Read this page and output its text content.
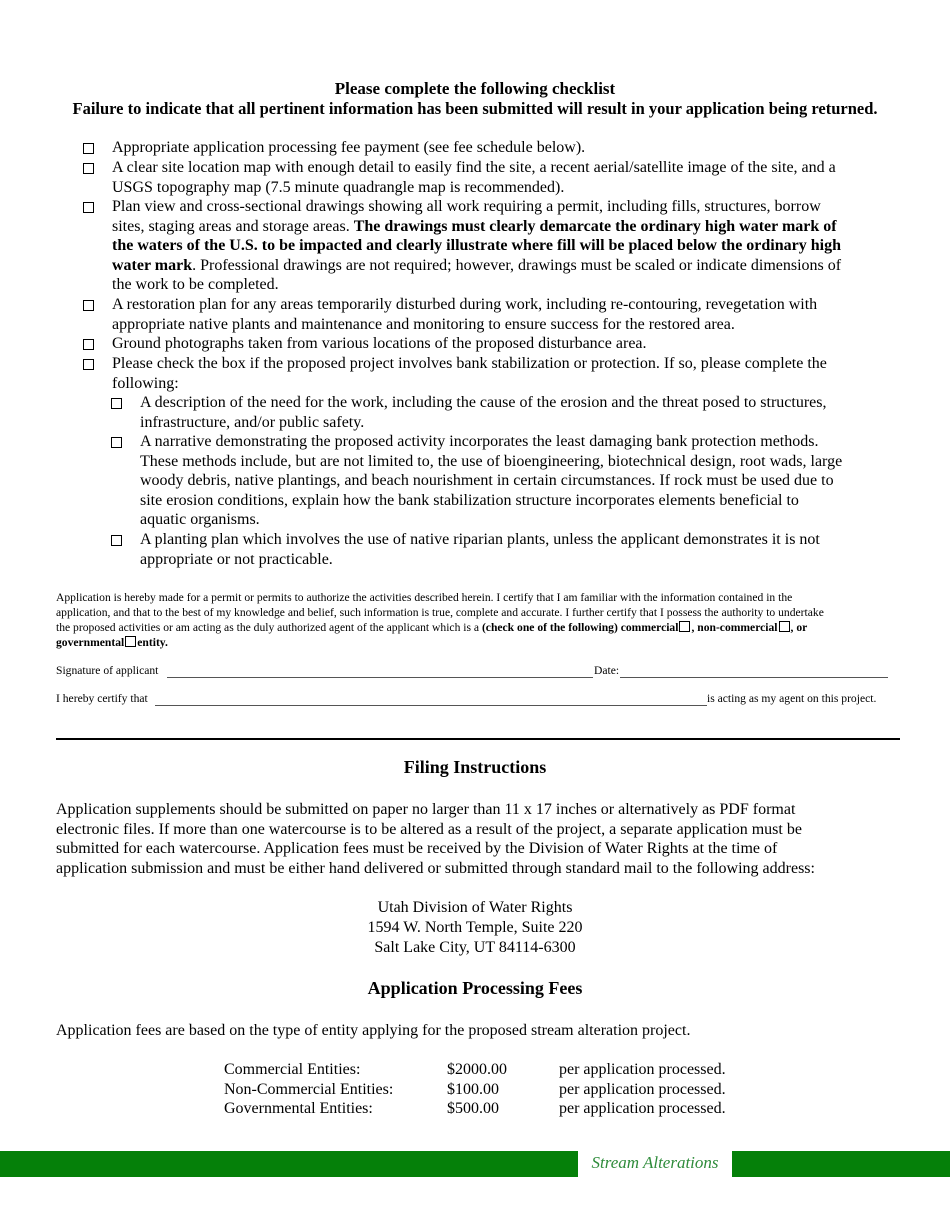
Please complete the following checklist
Failure to indicate that all pertinent information has been submitted will result in your application being returned.
Appropriate application processing fee payment (see fee schedule below).
A clear site location map with enough detail to easily find the site, a recent aerial/satellite image of the site, and a
USGS topography map (7.5 minute quadrangle map is recommended).
Plan view and cross-sectional drawings showing all work requiring a permit, including fills, structures, borrow
sites, staging areas and storage areas. The drawings must clearly demarcate the ordinary high water mark of
the waters of the U.S. to be impacted and clearly illustrate where fill will be placed below the ordinary high
water mark. Professional drawings are not required; however, drawings must be scaled or indicate dimensions of
the work to be completed.
A restoration plan for any areas temporarily disturbed during work, including re-contouring, revegetation with
appropriate native plants and maintenance and monitoring to ensure success for the restored area.
Ground photographs taken from various locations of the proposed disturbance area.
Please check the box if the proposed project involves bank stabilization or protection. If so, please complete the
following:
A description of the need for the work, including the cause of the erosion and the threat posed to structures,
infrastructure, and/or public safety.
A narrative demonstrating the proposed activity incorporates the least damaging bank protection methods.
These methods include, but are not limited to, the use of bioengineering, biotechnical design, root wads, large
woody debris, native plantings, and beach nourishment in certain circumstances. If rock must be used due to
site erosion conditions, explain how the bank stabilization structure incorporates elements beneficial to
aquatic organisms.
A planting plan which involves the use of native riparian plants, unless the applicant demonstrates it is not
appropriate or not practicable.
Application is hereby made for a permit or permits to authorize the activities described herein. I certify that I am familiar with the information contained in the
application, and that to the best of my knowledge and belief, such information is true, complete and accurate. I further certify that I possess the authority to undertake
the proposed activities or am acting as the duly authorized agent of the applicant which is a (check one of the following) commercial , non-commercial , or
governmental entity.
Signature of applicant	Date:
I hereby certify that	is acting as my agent on this project.
Filing Instructions
Application supplements should be submitted on paper no larger than 11 x 17 inches or alternatively as PDF format
electronic files. If more than one watercourse is to be altered as a result of the project, a separate application must be
submitted for each watercourse. Application fees must be received by the Division of Water Rights at the time of
application submission and must be either hand delivered or submitted through standard mail to the following address:
Utah Division of Water Rights
1594 W. North Temple, Suite 220
Salt Lake City, UT 84114-6300
Application Processing Fees
Application fees are based on the type of entity applying for the proposed stream alteration project.
Commercial Entities:
Non-Commercial Entities:
Governmental Entities:
$2000.00
$100.00
$500.00
per application processed.
per application processed.
per application processed.
Stream Alterations
